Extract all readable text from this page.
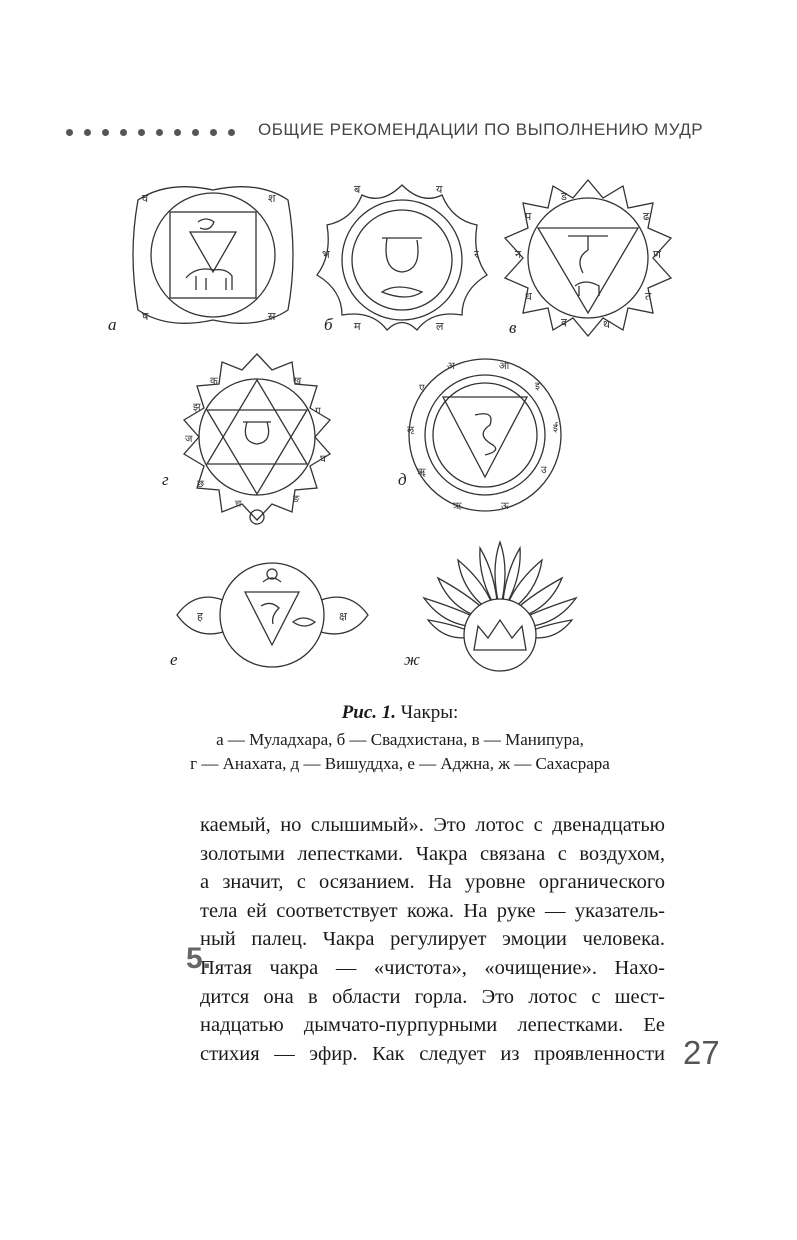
ОБЩИЕ РЕКОМЕНДАЦИИ ПО ВЫПОЛНЕНИЮ МУДР
व	श
ष	स
а
ब	य
भ	र
म	ल
б
ड
ढ
ण
त
थ
द
ध
न
प
в
क	ख
ग
घ
ङ
च
छ
ज
झ
г
अ	आ
इ
ई
उ
ऊ
ऋ
ॠ
ऌ
ए
д
ह	क्ष
е	ж
Рис. 1. Чакры:
а — Муладхара, б — Свадхистана, в — Манипура,
г — Анахата, д — Вишуддха, е — Аджна, ж — Сахасрара
каемый, но слышимый». Это лотос с двенадцатью
золотыми лепестками. Чакра связана с воздухом,
а значит, с осязанием. На уровне органического
тела ей соответствует кожа. На руке — указатель-
ный палец. Чакра регулирует эмоции человека.
Пятая чакра — «чистота», «очищение». Нахо-
дится она в области горла. Это лотос с шест-
надцатью дымчато-пурпурными лепестками. Ее
стихия — эфир. Как следует из проявленности
5.
27
